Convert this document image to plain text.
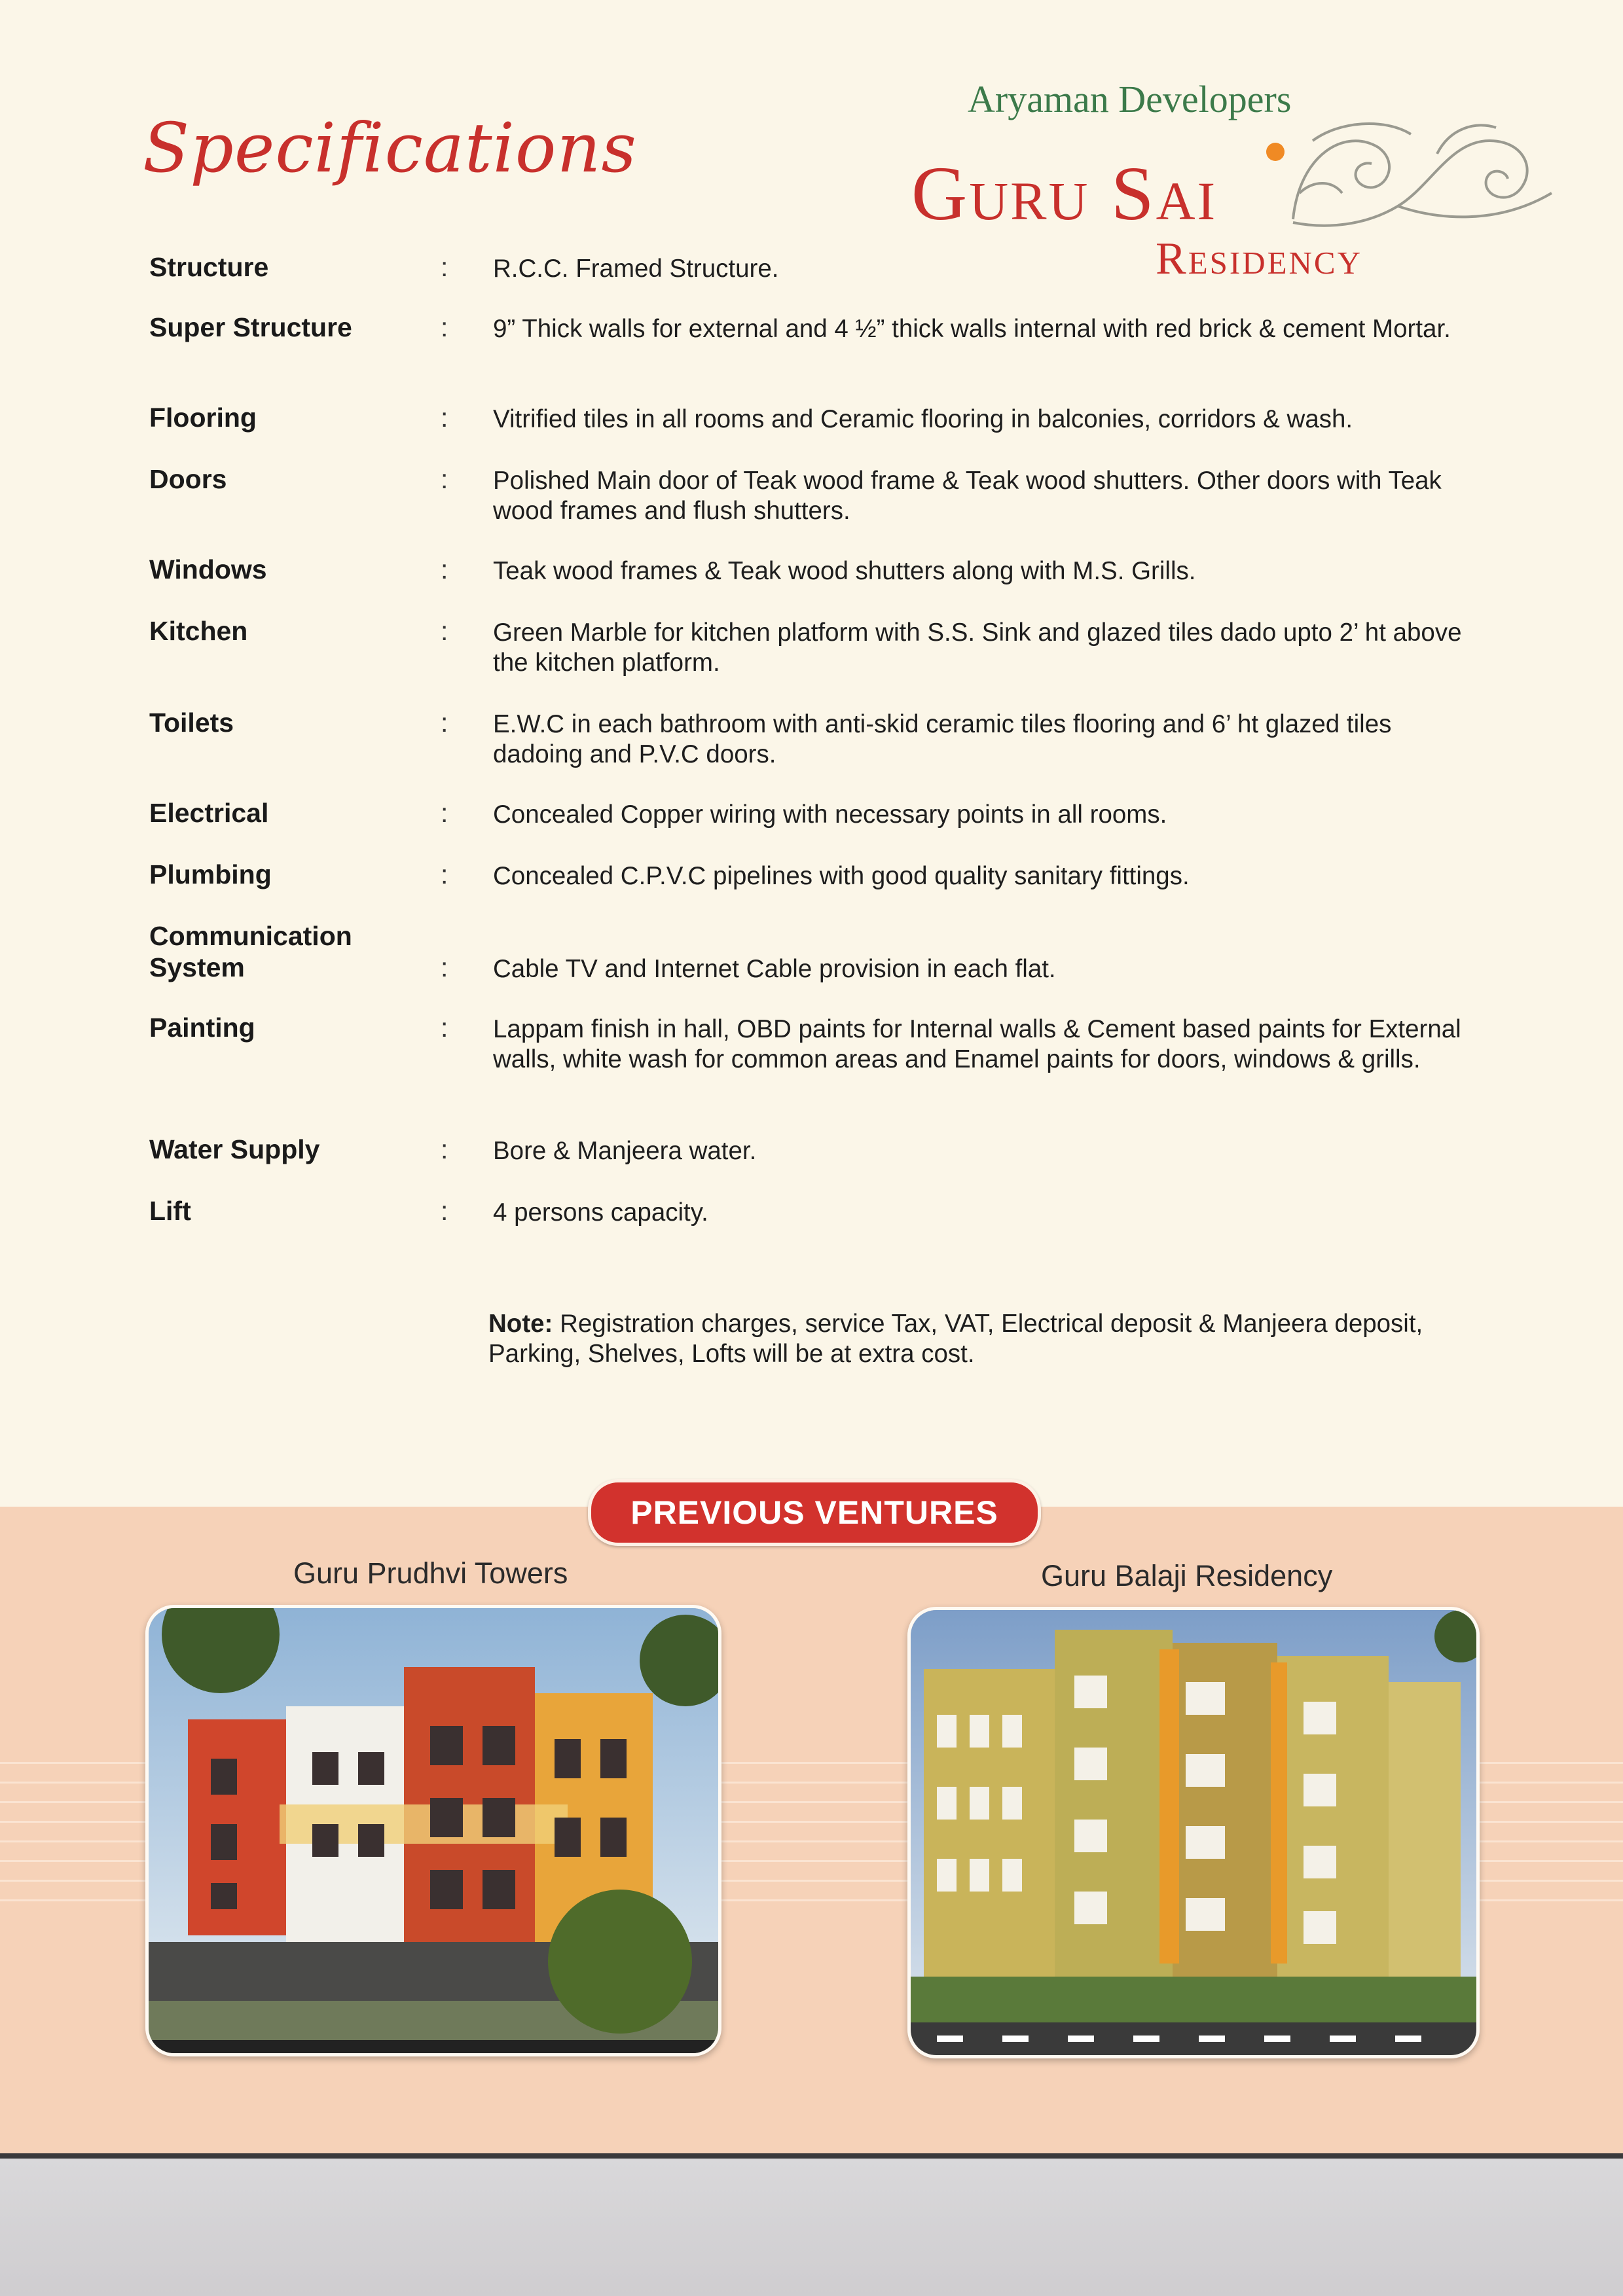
Specifications
Aryaman Developers
Guru Sai
Residency
Structure	: R.C.C. Framed Structure.
Super Structure	: 9” Thick walls for external and 4 ½” thick walls internal with red brick & cement Mortar.
Flooring	: Vitrified tiles in all rooms and Ceramic flooring in balconies, corridors & wash.
Doors	: Polished Main door of Teak wood frame & Teak wood shutters. Other doors with Teak wood frames and flush shutters.
Windows	: Teak wood frames & Teak wood shutters along with M.S. Grills.
Kitchen	: Green Marble for kitchen platform with S.S. Sink and glazed tiles dado upto 2’ ht above the kitchen platform.
Toilets	: E.W.C in each bathroom with anti-skid ceramic tiles flooring and 6’ ht glazed tiles dadoing and P.V.C doors.
Electrical	: Concealed Copper wiring with necessary points in all rooms.
Plumbing	: Concealed C.P.V.C pipelines with good quality sanitary fittings.
Communication System	: Cable TV and Internet Cable provision in each flat.
Painting	: Lappam finish in hall, OBD paints for Internal walls & Cement based paints for External walls, white wash for common areas and Enamel paints for doors, windows & grills.
Water Supply	: Bore & Manjeera water.
Lift	: 4 persons capacity.
Note: Registration charges, service Tax, VAT, Electrical deposit & Manjeera deposit, Parking, Shelves, Lofts will be at extra cost.
PREVIOUS VENTURES
Guru Prudhvi Towers	Guru Balaji Residency
